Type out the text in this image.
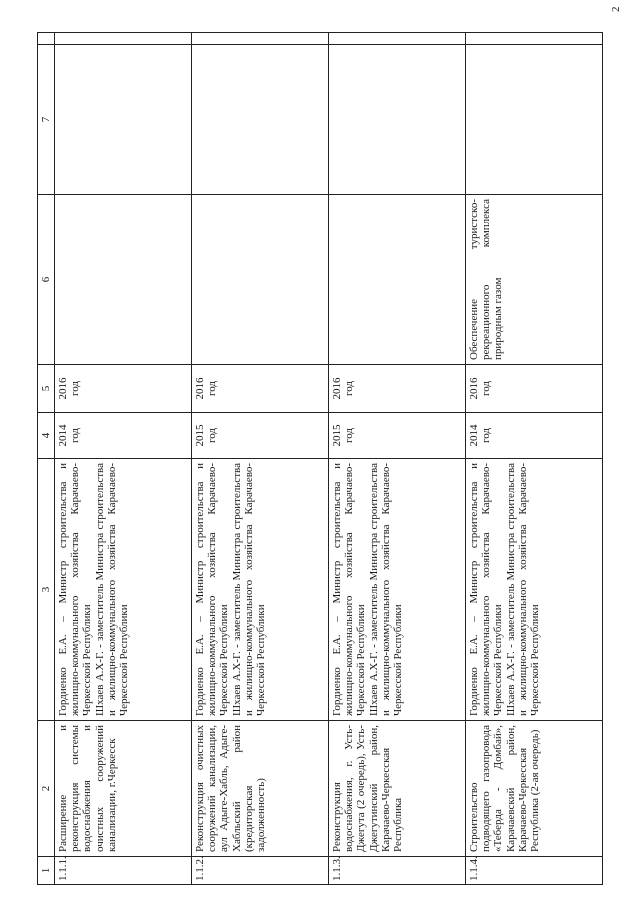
2
1	2	3	4	5	6	7	
1.1.1.	Расширение и реконструкция системы водоснабжения и очистных сооружений канализации, г.Черкесск	Гордиенко Е.А. – Министр строительства и жилищно-коммунального хозяйства Карачаево-Черкесской Республики Шхаев А.Х-Г. - заместитель Министра строительства и жилищно-коммунального хозяйства Карачаево-Черкесской Республики	2014 год	2016 год			
1.1.2.	Реконструкция очистных сооружений канализации, аул Адыге-Хабль, Адыге-Хабльский район (кредиторская задолженность)	Гордиенко Е.А. – Министр строительства и жилищно-коммунального хозяйства Карачаево-Черкесской Республики Шхаев А.Х-Г. - заместитель Министра строительства и жилищно-коммунального хозяйства Карачаево-Черкесской Республики	2015 год	2016 год			
1.1.3.	Реконструкция водоснабжения, г. Усть-Джегута (2 очередь), Усть-Джегутинский район, Карачаево-Черкесская Республика	Гордиенко Е.А. – Министр строительства и жилищно-коммунального хозяйства Карачаево-Черкесской Республики Шхаев А.Х-Г. - заместитель Министра строительства и жилищно-коммунального хозяйства Карачаево-Черкесской Республики	2015 год	2016 год			
1.1.4.	Строительство подводящего газопровода «Теберда - Домбай», Карачаевский район, Карачаево-Черкесская Республика (2-ая очередь)	Гордиенко Е.А. – Министр строительства и жилищно-коммунального хозяйства Карачаево-Черкесской Республики Шхаев А.Х-Г. - заместитель Министра строительства и жилищно-коммунального хозяйства Карачаево-Черкесской Республики	2014 год	2016 год	Обеспечение туристско-рекреационного комплекса природным газом		
